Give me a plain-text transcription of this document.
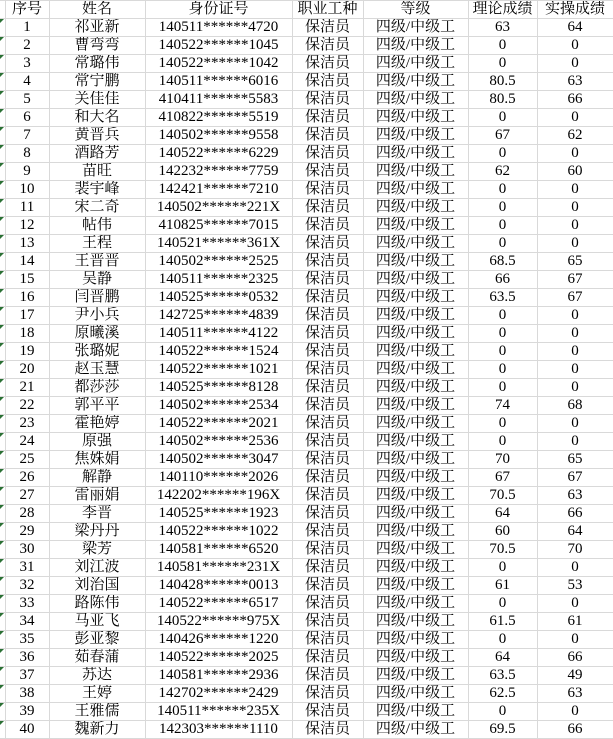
	序号	姓名	身份证号	职业工种	等级	理论成绩	实操成绩

	1	祁亚新	140511******4720	保洁员	四级/中级工	63	64

	2	曹弯弯	140522******1045	保洁员	四级/中级工	0	0

	3	常璐伟	140522******1042	保洁员	四级/中级工	0	0

	4	常宁鹏	140511******6016	保洁员	四级/中级工	80.5	63

	5	关佳佳	410411******5583	保洁员	四级/中级工	80.5	66

	6	和大名	410822******5519	保洁员	四级/中级工	0	0

	7	黄晋兵	140502******9558	保洁员	四级/中级工	67	62

	8	酒路芳	140522******6229	保洁员	四级/中级工	0	0

	9	苗旺	142232******7759	保洁员	四级/中级工	62	60

	10	裴宇峰	142421******7210	保洁员	四级/中级工	0	0

	11	宋二奇	140502******221X	保洁员	四级/中级工	0	0

	12	帖伟	410825******7015	保洁员	四级/中级工	0	0

	13	王程	140521******361X	保洁员	四级/中级工	0	0

	14	王晋晋	140502******2525	保洁员	四级/中级工	68.5	65

	15	吴静	140511******2325	保洁员	四级/中级工	66	67

	16	闫晋鹏	140525******0532	保洁员	四级/中级工	63.5	67

	17	尹小兵	142725******4839	保洁员	四级/中级工	0	0

	18	原曦溪	140511******4122	保洁员	四级/中级工	0	0

	19	张璐妮	140522******1524	保洁员	四级/中级工	0	0

	20	赵玉慧	140522******1021	保洁员	四级/中级工	0	0

	21	都莎莎	140525******8128	保洁员	四级/中级工	0	0

	22	郭平平	140502******2534	保洁员	四级/中级工	74	68

	23	霍艳婷	140522******2021	保洁员	四级/中级工	0	0

	24	原强	140502******2536	保洁员	四级/中级工	0	0

	25	焦姝娟	140502******3047	保洁员	四级/中级工	70	65

	26	解静	140110******2026	保洁员	四级/中级工	67	67

	27	雷丽娟	142202******196X	保洁员	四级/中级工	70.5	63

	28	李晋	140525******1923	保洁员	四级/中级工	64	66

	29	梁丹丹	140522******1022	保洁员	四级/中级工	60	64

	30	梁芳	140581******6520	保洁员	四级/中级工	70.5	70

	31	刘江波	140581******231X	保洁员	四级/中级工	0	0

	32	刘治国	140428******0013	保洁员	四级/中级工	61	53

	33	路陈伟	140522******6517	保洁员	四级/中级工	0	0

	34	马亚飞	140522******975X	保洁员	四级/中级工	61.5	61

	35	彭亚黎	140426******1220	保洁员	四级/中级工	0	0

	36	茹春蒲	140522******2025	保洁员	四级/中级工	64	66

	37	苏达	140581******2936	保洁员	四级/中级工	63.5	49

	38	王婷	142702******2429	保洁员	四级/中级工	62.5	63

	39	王雅儒	140511******235X	保洁员	四级/中级工	0	0

	40	魏新力	142303******1110	保洁员	四级/中级工	69.5	66
